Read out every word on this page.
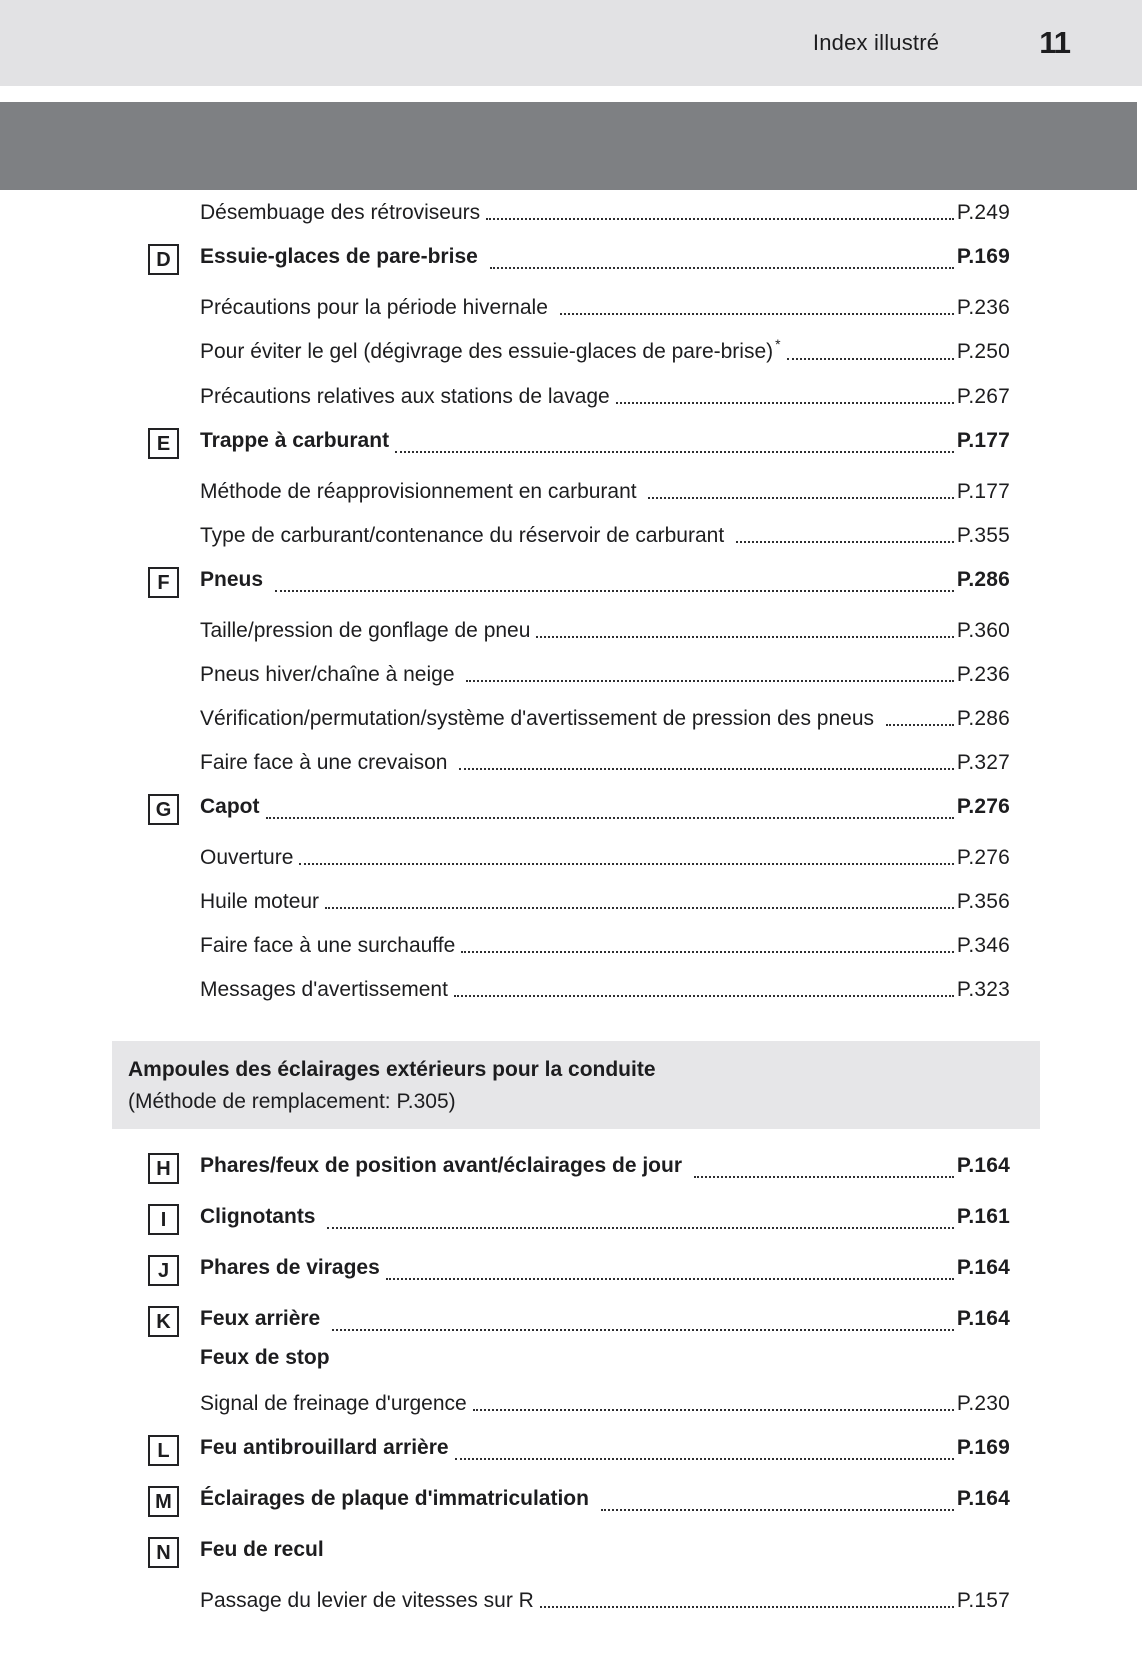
Index illustré	11
Désembuage des rétroviseurs	P.249
D	Essuie-glaces de pare-brise	P.169
Précautions pour la période hivernale	P.236
Pour éviter le gel (dégivrage des essuie-glaces de pare-brise) *	P.250
Précautions relatives aux stations de lavage	P.267
E	Trappe à carburant	P.177
Méthode de réapprovisionnement en carburant	P.177
Type de carburant/contenance du réservoir de carburant	P.355
F	Pneus	P.286
Taille/pression de gonflage de pneu	P.360
Pneus hiver/chaîne à neige	P.236
Vérification/permutation/système d'avertissement de pression des pneus	P.286
Faire face à une crevaison	P.327
G	Capot	P.276
Ouverture	P.276
Huile moteur	P.356
Faire face à une surchauffe	P.346
Messages d'avertissement	P.323
Ampoules des éclairages extérieurs pour la conduite
(Méthode de remplacement: P.305)
H	Phares/feux de position avant/éclairages de jour	P.164
I	Clignotants	P.161
J	Phares de virages	P.164
K	Feux arrière	P.164
Feux de stop
Signal de freinage d'urgence	P.230
L	Feu antibrouillard arrière	P.169
M	Éclairages de plaque d'immatriculation	P.164
N	Feu de recul
Passage du levier de vitesses sur R	P.157
